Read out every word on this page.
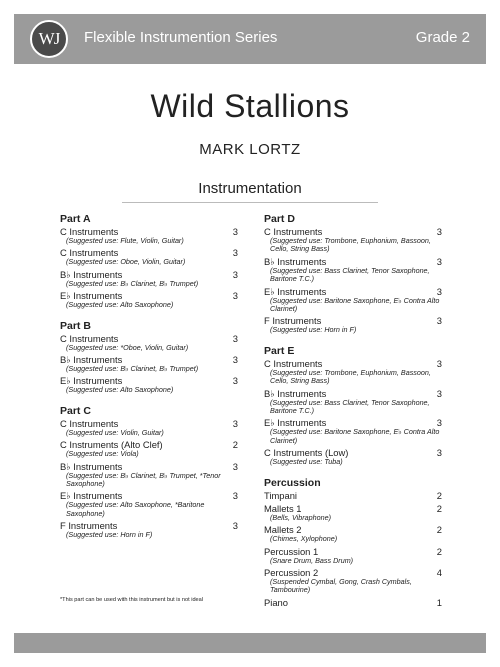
WJ	Flexible Instrumention Series	Grade 2
Wild Stallions
MARK LORTZ
Instrumentation
Part A
C Instruments	3
(Suggested use: Flute, Violin, Guitar)
C Instruments	3
(Suggested use: Oboe, Violin, Guitar)
B♭ Instruments	3
(Suggested use: B♭ Clarinet, B♭ Trumpet)
E♭ Instruments	3
(Suggested use: Alto Saxophone)
Part B
C Instruments	3
(Suggested use: *Oboe, Violin, Guitar)
B♭ Instruments	3
(Suggested use: B♭ Clarinet, B♭ Trumpet)
E♭ Instruments	3
(Suggested use: Alto Saxophone)
Part C
C Instruments	3
(Suggested use: Violin, Guitar)
C Instruments (Alto Clef)	2
(Suggested use: Viola)
B♭ Instruments	3
(Suggested use: B♭ Clarinet, B♭ Trumpet, *Tenor Saxophone)
E♭ Instruments	3
(Suggested use: Alto Saxophone, *Baritone Saxophone)
F Instruments	3
(Suggested use: Horn in F)
Part D
C Instruments	3
(Suggested use: Trombone, Euphonium, Bassoon, Cello, String Bass)
B♭ Instruments	3
(Suggested use: Bass Clarinet, Tenor Saxophone, Baritone T.C.)
E♭ Instruments	3
(Suggested use: Baritone Saxophone, E♭ Contra Alto Clarinet)
F Instruments	3
(Suggested use: Horn in F)
Part E
C Instruments	3
(Suggested use: Trombone, Euphonium, Bassoon, Cello, String Bass)
B♭ Instruments	3
(Suggested use: Bass Clarinet, Tenor Saxophone, Baritone T.C.)
E♭ Instruments	3
(Suggested use: Baritone Saxophone, E♭ Contra Alto Clarinet)
C Instruments (Low)	3
(Suggested use: Tuba)
Percussion
Timpani	2
Mallets 1	2
(Bells, Vibraphone)
Mallets 2	2
(Chimes, Xylophone)
Percussion 1	2
(Snare Drum, Bass Drum)
Percussion 2	4
(Suspended Cymbal, Gong, Crash Cymbals, Tambourine)
Piano	1
*This part can be used with this instrument but is not ideal
